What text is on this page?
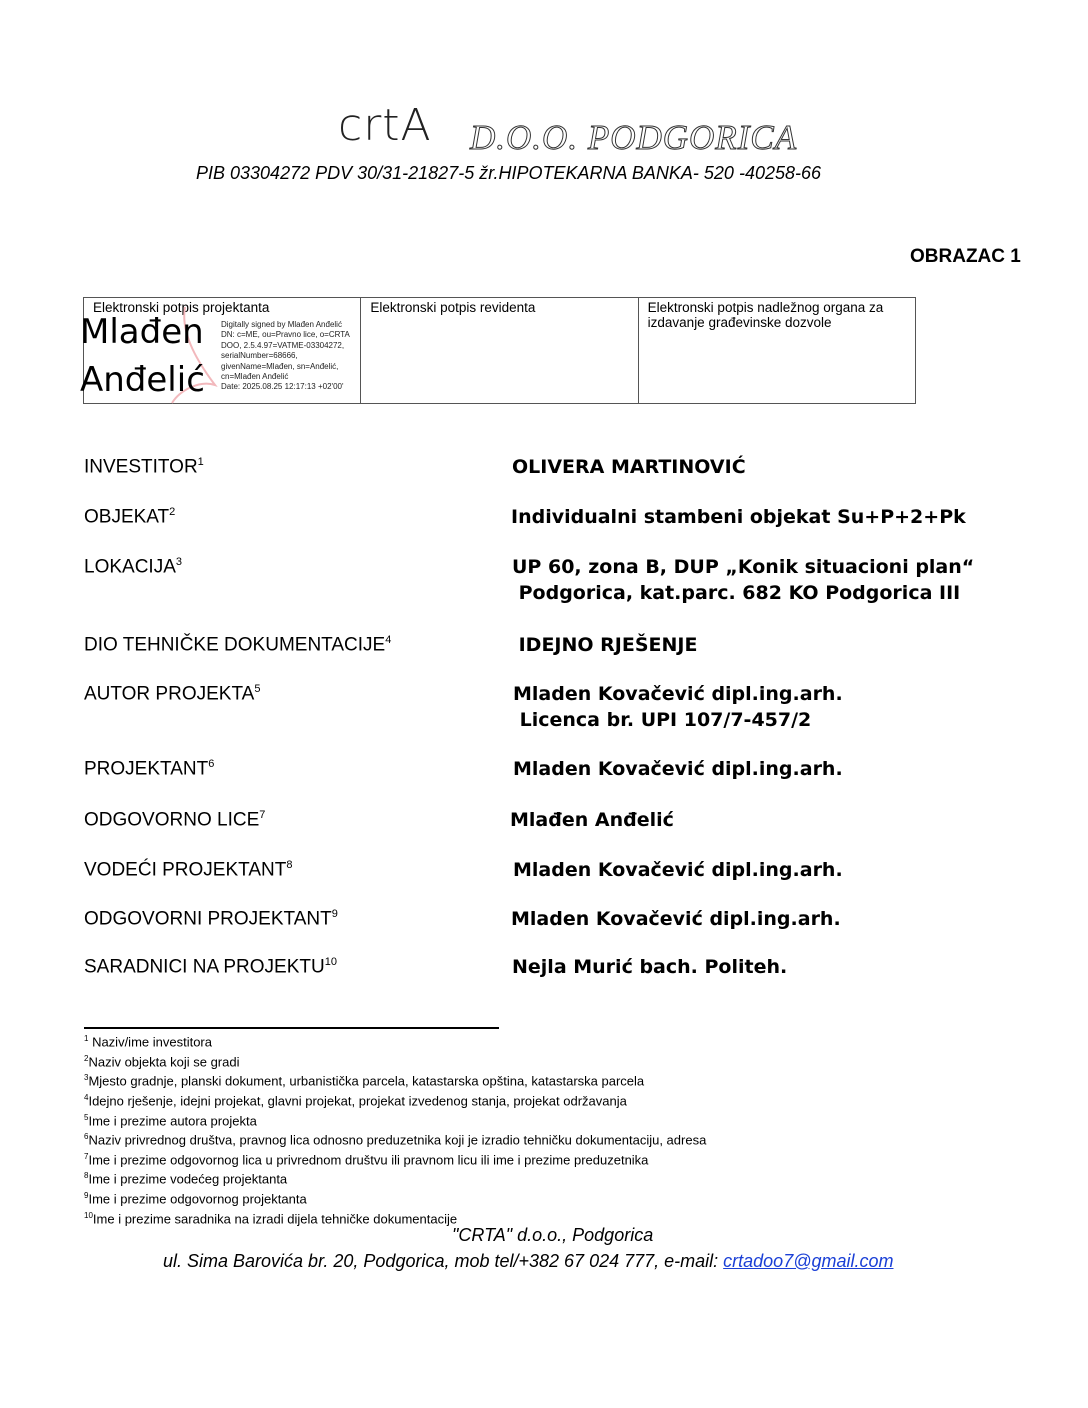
crtA D.O.O. PODGORICA
PIB 03304272 PDV 30/31-21827-5 žr.HIPOTEKARNA BANKA- 520 -40258-66
OBRAZAC 1
Elektronski potpis projektanta	Elektronski potpis revidenta	Elektronski potpis nadležnog organa za izdavanje građevinske dozvole
Mlađen
Anđelić
Digitally signed by Mlađen Anđelić
DN: c=ME, ou=Pravno lice, o=CRTA
DOO, 2.5.4.97=VATME-03304272,
serialNumber=68666,
givenName=Mlađen, sn=Anđelić,
cn=Mlađen Anđelić
Date: 2025.08.25 12:17:13 +02'00'
INVESTITOR$^1$	OLIVERA MARTINOVIĆ
OBJEKAT$^2$	Individualni stambeni objekat Su+P+2+Pk
LOKACIJA$^3$	UP 60, zona B, DUP „Konik situacioni plan“
Podgorica, kat.parc. 682 KO Podgorica III
DIO TEHNIČKE DOKUMENTACIJE$^4$	IDEJNO RJEŠENJE
AUTOR PROJEKTA$^5$	Mladen Kovačević dipl.ing.arh.
Licenca br. UPI 107/7-457/2
PROJEKTANT$^6$	Mladen Kovačević dipl.ing.arh.
ODGOVORNO LICE$^7$	Mlađen Anđelić
VODEĆI PROJEKTANT$^8$	Mladen Kovačević dipl.ing.arh.
ODGOVORNI PROJEKTANT$^9$	Mladen Kovačević dipl.ing.arh.
SARADNICI NA PROJEKTU$^{10}$	Nejla Murić bach. Politeh.
$^1$ Naziv/ime investitora
$^2$Naziv objekta koji se gradi
$^3$Mjesto gradnje, planski dokument, urbanistička parcela, katastarska opština, katastarska parcela
$^4$Idejno rješenje, idejni projekat, glavni projekat, projekat izvedenog stanja, projekat održavanja
$^5$Ime i prezime autora projekta
$^6$Naziv privrednog društva, pravnog lica odnosno preduzetnika koji je izradio tehničku dokumentaciju, adresa
$^7$Ime i prezime odgovornog lica u privrednom društvu ili pravnom licu ili ime i prezime preduzetnika
$^8$Ime i prezime vodećeg projektanta
$^9$Ime i prezime odgovornog projektanta
$^{10}$Ime i prezime saradnika na izradi dijela tehničke dokumentacije
"CRTA" d.o.o., Podgorica
ul. Sima Barovića br. 20, Podgorica, mob tel/+382 67 024 777, e-mail: crtadoo7@gmail.com
